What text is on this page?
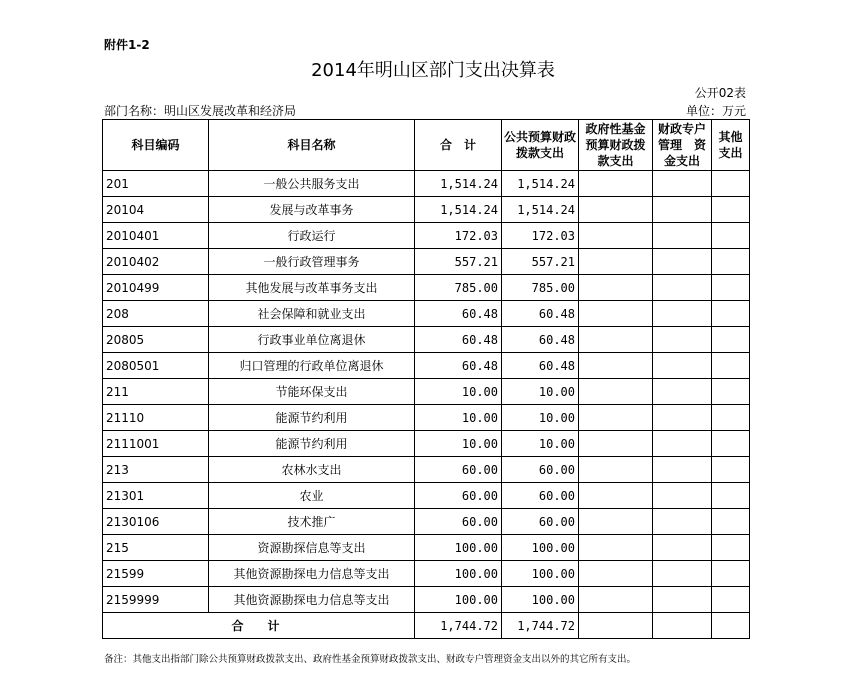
附件1-2
2014年明山区部门支出决算表
公开02表
部门名称：明山区发展改革和经济局	单位：万元
科目编码	科目名称	合　计	公共预算财政拨款支出	政府性基金预算财政拨款支出	财政专户管理　资金支出	其他支出
201	一般公共服务支出	1,514.24	1,514.24			
20104	发展与改革事务	1,514.24	1,514.24			
2010401	行政运行	172.03	172.03			
2010402	一般行政管理事务	557.21	557.21			
2010499	其他发展与改革事务支出	785.00	785.00			
208	社会保障和就业支出	60.48	60.48			
20805	行政事业单位离退休	60.48	60.48			
2080501	归口管理的行政单位离退休	60.48	60.48			
211	节能环保支出	10.00	10.00			
21110	能源节约利用	10.00	10.00			
2111001	能源节约利用	10.00	10.00			
213	农林水支出	60.00	60.00			
21301	农业	60.00	60.00			
2130106	技术推广	60.00	60.00			
215	资源勘探信息等支出	100.00	100.00			
21599	其他资源勘探电力信息等支出	100.00	100.00			
2159999	其他资源勘探电力信息等支出	100.00	100.00			
合　计		1,744.72	1,744.72			
备注：其他支出指部门除公共预算财政拨款支出、政府性基金预算财政拨款支出、财政专户管理资金支出以外的其它所有支出。
